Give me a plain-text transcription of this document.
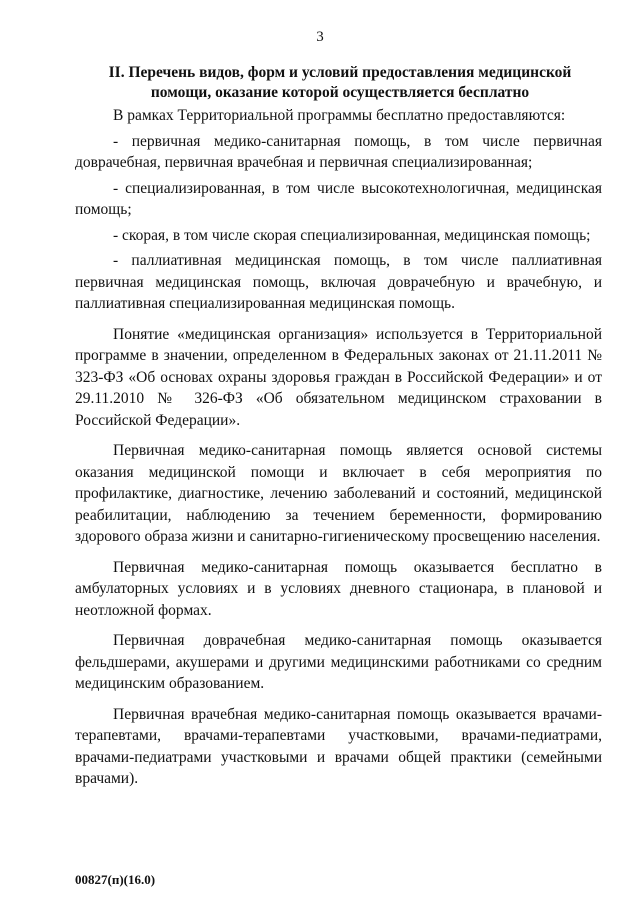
3
II. Перечень видов, форм и условий предоставления медицинской помощи, оказание которой осуществляется бесплатно

В рамках Территориальной программы бесплатно предоставляются:

- первичная медико-санитарная помощь, в том числе первичная доврачебная, первичная врачебная и первичная специализированная;

- специализированная, в том числе высокотехнологичная, медицинская помощь;

- скорая, в том числе скорая специализированная, медицинская помощь;

- паллиативная медицинская помощь, в том числе паллиативная первичная медицинская помощь, включая доврачебную и врачебную, и паллиативная специализированная медицинская помощь.

Понятие «медицинская организация» используется в Территориальной программе в значении, определенном в Федеральных законах от 21.11.2011 № 323-ФЗ «Об основах охраны здоровья граждан в Российской Федерации» и от 29.11.2010 № 326-ФЗ «Об обязательном медицинском страховании в Российской Федерации».

Первичная медико-санитарная помощь является основой системы оказания медицинской помощи и включает в себя мероприятия по профилактике, диагностике, лечению заболеваний и состояний, медицинской реабилитации, наблюдению за течением беременности, формированию здорового образа жизни и санитарно-гигиеническому просвещению населения.

Первичная медико-санитарная помощь оказывается бесплатно в амбулаторных условиях и в условиях дневного стационара, в плановой и неотложной формах.

Первичная доврачебная медико-санитарная помощь оказывается фельдшерами, акушерами и другими медицинскими работниками со средним медицинским образованием.

Первичная врачебная медико-санитарная помощь оказывается врачами-терапевтами, врачами-терапевтами участковыми, врачами-педиатрами, врачами-педиатрами участковыми и врачами общей практики (семейными врачами).

00827(п)(16.0)
